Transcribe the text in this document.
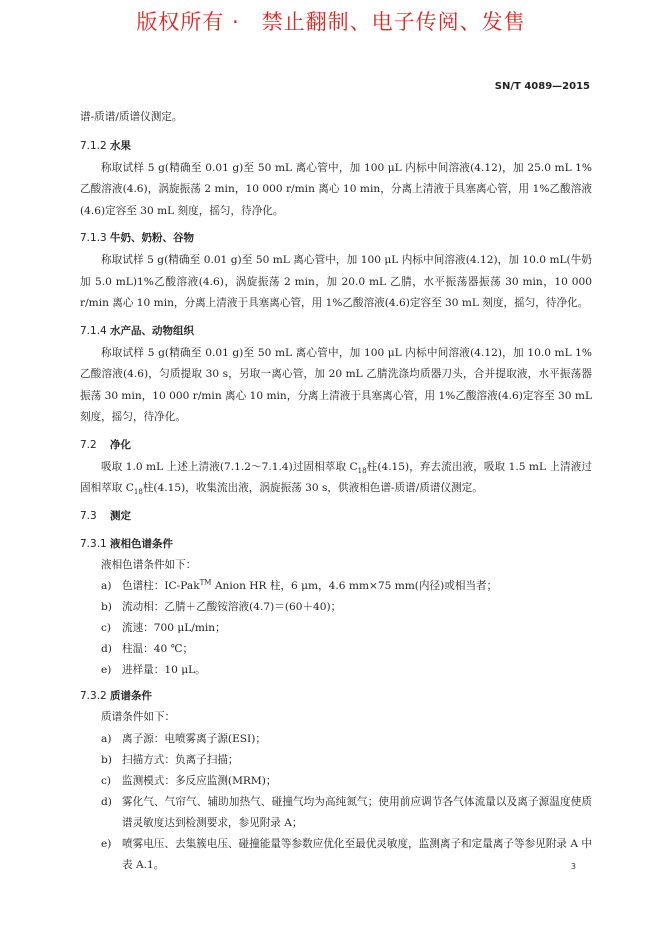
版权所有 ·　禁止翻制、电子传阅、发售
SN/T 4089—2015

谱-质谱/质谱仪测定。

7.1.2 水果

称取试样 5 g(精确至 0.01 g)至 50 mL 离心管中，加 100 μL 内标中间溶液(4.12)，加 25.0 mL 1%乙酸溶液(4.6)，涡旋振荡 2 min，10 000 r/min 离心 10 min，分离上清液于具塞离心管，用 1%乙酸溶液(4.6)定容至 30 mL 刻度，摇匀，待净化。

7.1.3 牛奶、奶粉、谷物

称取试样 5 g(精确至 0.01 g)至 50 mL 离心管中，加 100 μL 内标中间溶液(4.12)，加 10.0 mL(牛奶加 5.0 mL)1%乙酸溶液(4.6)，涡旋振荡 2 min，加 20.0 mL 乙腈，水平振荡器振荡 30 min，10 000 r/min 离心 10 min，分离上清液于具塞离心管，用 1%乙酸溶液(4.6)定容至 30 mL 刻度，摇匀，待净化。

7.1.4 水产品、动物组织

称取试样 5 g(精确至 0.01 g)至 50 mL 离心管中，加 100 μL 内标中间溶液(4.12)，加 10.0 mL 1%乙酸溶液(4.6)，匀质提取 30 s，另取一离心管，加 20 mL 乙腈洗涤均质器刀头，合并提取液，水平振荡器振荡 30 min，10 000 r/min 离心 10 min，分离上清液于具塞离心管，用 1%乙酸溶液(4.6)定容至 30 mL 刻度，摇匀，待净化。

7.2 净化

吸取 1.0 mL 上述上清液(7.1.2～7.1.4)过固相萃取 $C_{18}$柱(4.15)，弃去流出液，吸取 1.5 mL 上清液过固相萃取 $C_{18}$柱(4.15)，收集流出液，涡旋振荡 30 s，供液相色谱-质谱/质谱仪测定。

7.3 测定
7.3.1 液相色谱条件

液相色谱条件如下：

a) 色谱柱：IC-Pak™ Anion HR 柱，6 μm，4.6 mm×75 mm(内径)或相当者；
b) 流动相：乙腈＋乙酸铵溶液(4.7)＝(60＋40)；
c)	流速：700 μL/min；
d) 柱温：40 ℃；
e) 进样量：10 μL。
7.3.2 质谱条件

质谱条件如下：

a) 离子源：电喷雾离子源(ESI)；
b) 扫描方式：负离子扫描；
c)	监测模式：多反应监测(MRM)；
d) 雾化气、气帘气、辅助加热气、碰撞气均为高纯氮气；使用前应调节各气体流量以及离子源温度使质谱灵敏度达到检测要求，参见附录 A；
e) 喷雾电压、去集簇电压、碰撞能量等参数应优化至最优灵敏度，监测离子和定量离子等参见附录 A 中表 A.1。	3
